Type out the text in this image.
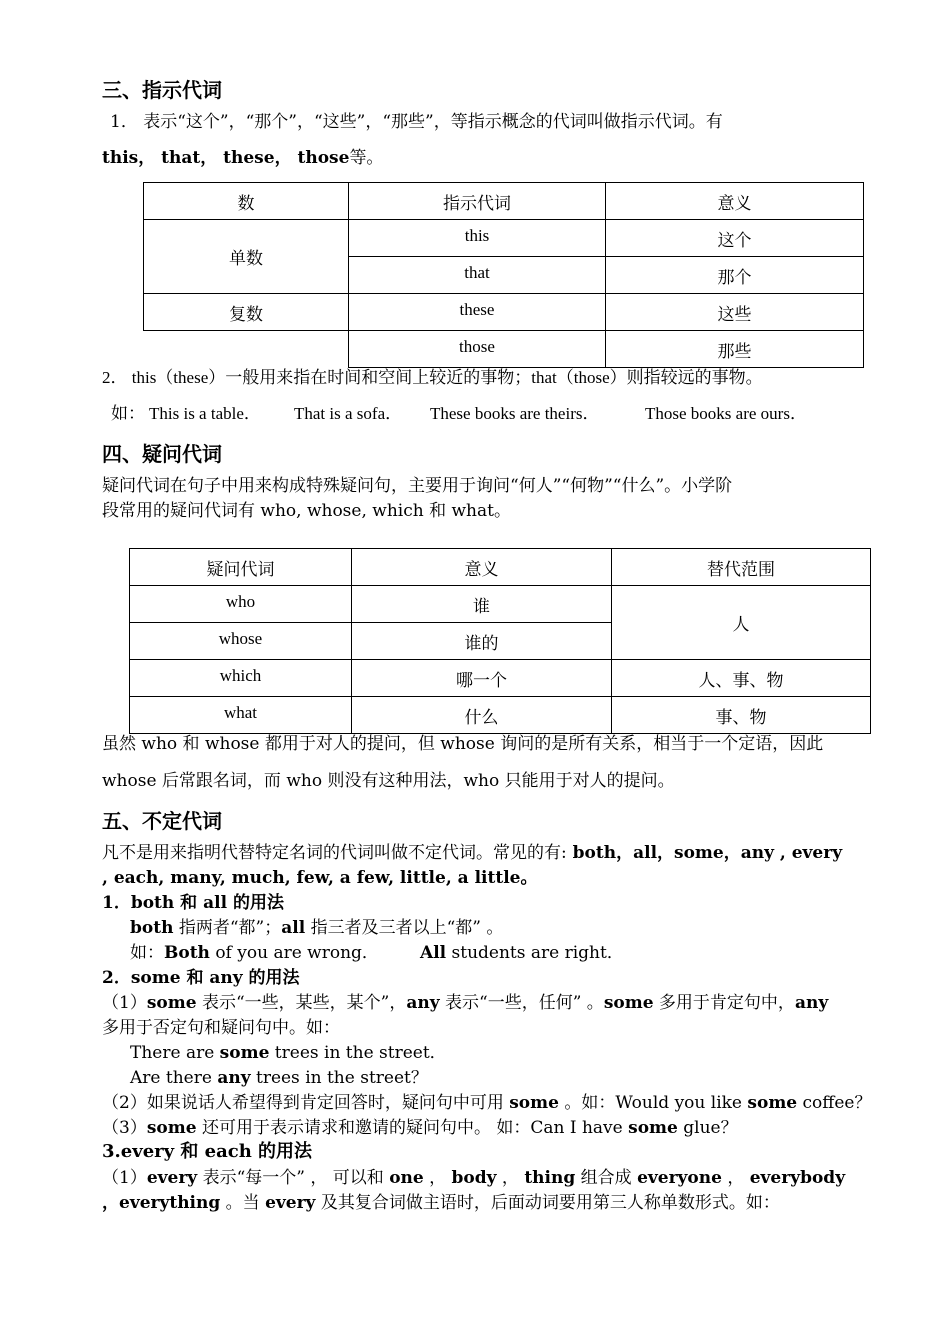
三、指示代词
1． 表示“这个”，“那个”，“这些”，“那些”，等指示概念的代词叫做指示代词。有
this， that， these， those等。
数	指示代词	意义
单数	this	这个
	that	那个
复数	these	这些
	those	那些
2． this（these）一般用来指在时间和空间上较近的事物；that（those）则指较远的事物。
如： This is a table． That is a sofa． These books are theirs．	Those books are ours．
四、疑问代词
疑问代词在句子中用来构成特殊疑问句，主要用于询问“何人”“何物”“什么”。小学阶
段常用的疑问代词有 who, whose, which 和 what。
疑问代词	意义	替代范围
who	谁	人
whose	谁的	
which	哪一个	人、事、物
what	什么	事、物
虽然 who 和 whose 都用于对人的提问，但 whose 询问的是所有关系，相当于一个定语，因此
whose 后常跟名词，而 who 则没有这种用法，who 只能用于对人的提问。
五、不定代词
凡不是用来指明代替特定名词的代词叫做不定代词。常见的有: both，all，some，any , every
, each, many, much, few, a few, little, a little。
1．both 和 all 的用法
both 指两者“都”；all 指三者及三者以上“都” 。
如：Both of you are wrong． All students are right．
2．some 和 any 的用法
（1）some 表示“一些，某些，某个”，any 表示“一些，任何” 。some 多用于肯定句中，any
多用于否定句和疑问句中。如：
There are some trees in the street．
Are there any trees in the street？
（2）如果说话人希望得到肯定回答时，疑问句中可用 some 。如：Would you like some coffee？
（3）some 还可用于表示请求和邀请的疑问句中。 如：Can I have some glue？
3.every 和 each 的用法
（1）every 表示“每一个” ， 可以和 one ， body ， thing 组合成 everyone ， everybody
，everything 。当 every 及其复合词做主语时，后面动词要用第三人称单数形式。如：
